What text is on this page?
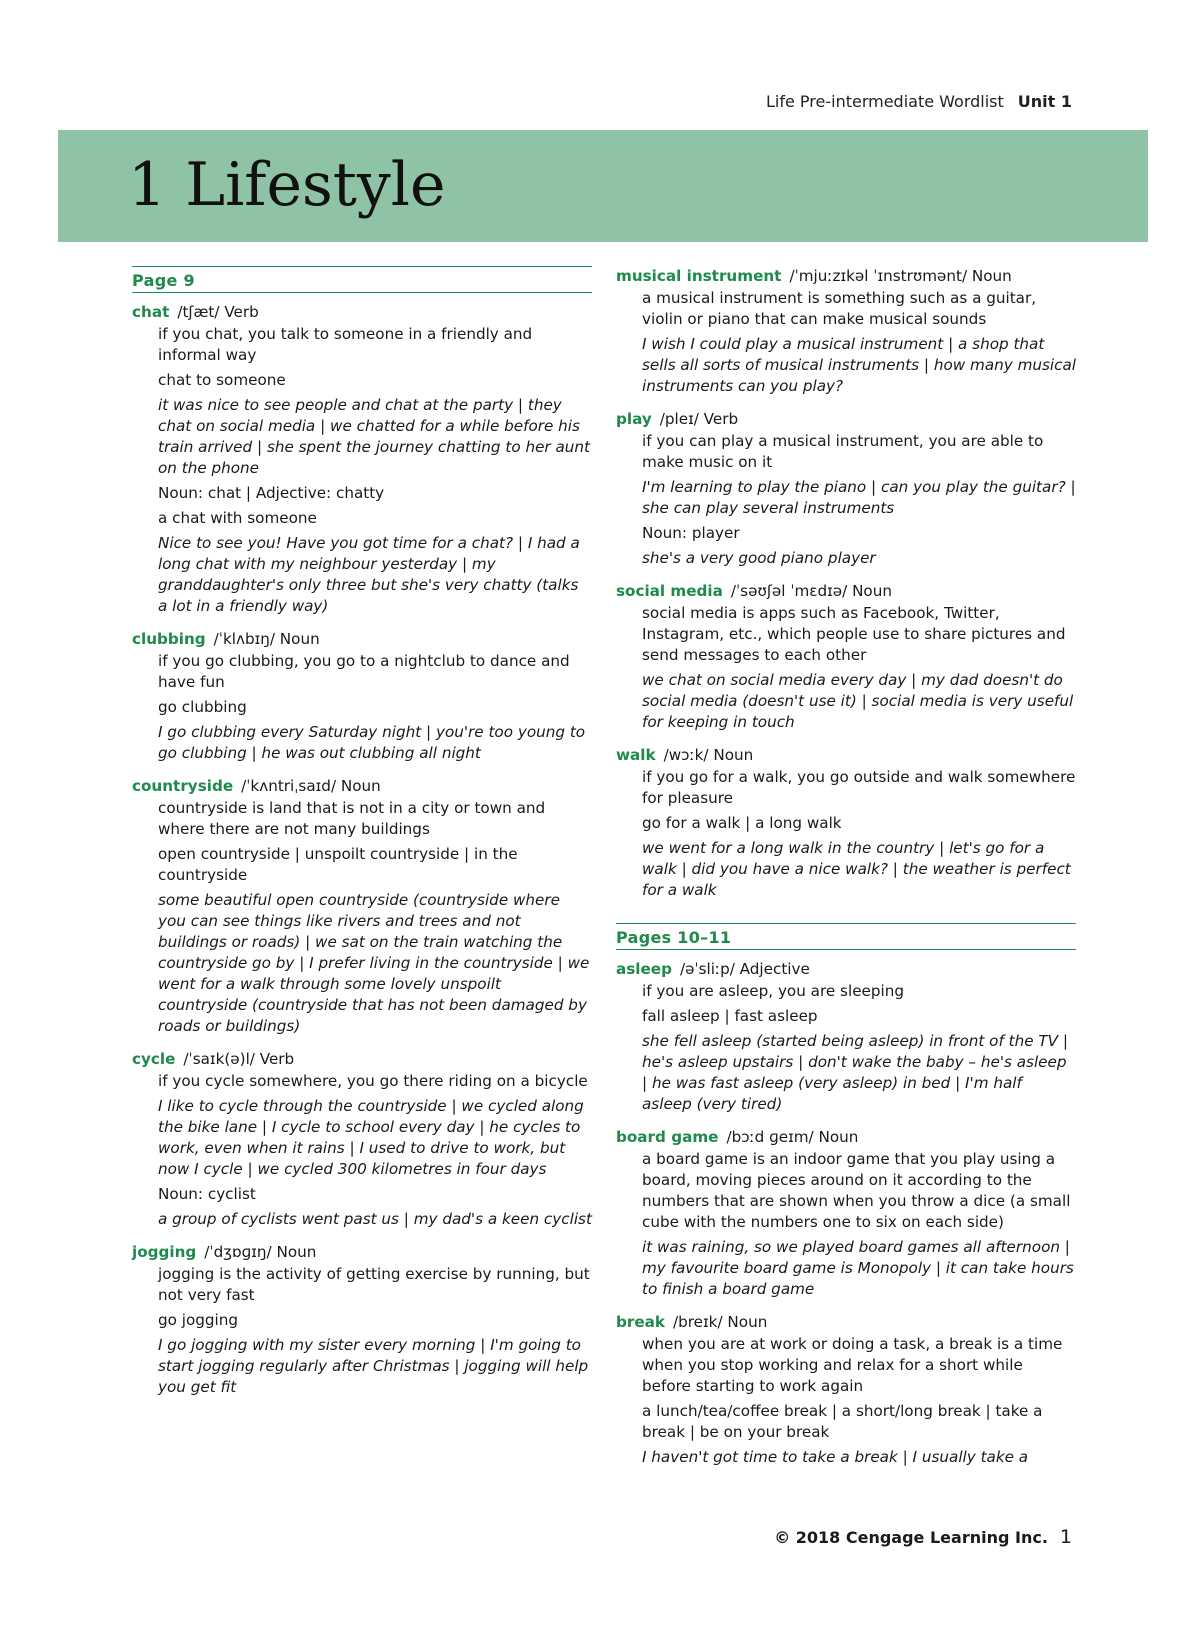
Life Pre-intermediate Wordlist Unit 1
1 Lifestyle
Page 9
chat /tʃæt/ Verb
if you chat, you talk to someone in a friendly and informal way
chat to someone
it was nice to see people and chat at the party | they chat on social media | we chatted for a while before his train arrived | she spent the journey chatting to her aunt on the phone
Noun: chat | Adjective: chatty
a chat with someone
Nice to see you! Have you got time for a chat? | I had a long chat with my neighbour yesterday | my granddaughter's only three but she's very chatty (talks a lot in a friendly way)
clubbing /ˈklʌbɪŋ/ Noun
if you go clubbing, you go to a nightclub to dance and have fun
go clubbing
I go clubbing every Saturday night | you're too young to go clubbing | he was out clubbing all night
countryside /ˈkʌntriˌsaɪd/ Noun
countryside is land that is not in a city or town and where there are not many buildings
open countryside | unspoilt countryside | in the countryside
some beautiful open countryside (countryside where you can see things like rivers and trees and not buildings or roads) | we sat on the train watching the countryside go by | I prefer living in the countryside | we went for a walk through some lovely unspoilt countryside (countryside that has not been damaged by roads or buildings)
cycle /ˈsaɪk(ə)l/ Verb
if you cycle somewhere, you go there riding on a bicycle
I like to cycle through the countryside | we cycled along the bike lane | I cycle to school every day | he cycles to work, even when it rains | I used to drive to work, but now I cycle | we cycled 300 kilometres in four days
Noun: cyclist
a group of cyclists went past us | my dad's a keen cyclist
jogging /ˈdʒɒɡɪŋ/ Noun
jogging is the activity of getting exercise by running, but not very fast
go jogging
I go jogging with my sister every morning | I'm going to start jogging regularly after Christmas | jogging will help you get fit
musical instrument /ˈmjuːzɪkəl ˈɪnstrʊmənt/ Noun
a musical instrument is something such as a guitar, violin or piano that can make musical sounds
I wish I could play a musical instrument | a shop that sells all sorts of musical instruments | how many musical instruments can you play?
play /pleɪ/ Verb
if you can play a musical instrument, you are able to make music on it
I'm learning to play the piano | can you play the guitar? | she can play several instruments
Noun: player
she's a very good piano player
social media /ˈsəʊʃəl ˈmɛdɪə/ Noun
social media is apps such as Facebook, Twitter, Instagram, etc., which people use to share pictures and send messages to each other
we chat on social media every day | my dad doesn't do social media (doesn't use it) | social media is very useful for keeping in touch
walk /wɔːk/ Noun
if you go for a walk, you go outside and walk somewhere for pleasure
go for a walk | a long walk
we went for a long walk in the country | let's go for a walk | did you have a nice walk? | the weather is perfect for a walk
Pages 10–11
asleep /əˈsliːp/ Adjective
if you are asleep, you are sleeping
fall asleep | fast asleep
she fell asleep (started being asleep) in front of the TV | he's asleep upstairs | don't wake the baby – he's asleep | he was fast asleep (very asleep) in bed | I'm half asleep (very tired)
board game /bɔːd ɡeɪm/ Noun
a board game is an indoor game that you play using a board, moving pieces around on it according to the numbers that are shown when you throw a dice (a small cube with the numbers one to six on each side)
it was raining, so we played board games all afternoon | my favourite board game is Monopoly | it can take hours to finish a board game
break /breɪk/ Noun
when you are at work or doing a task, a break is a time when you stop working and relax for a short while before starting to work again
a lunch/tea/coffee break | a short/long break | take a break | be on your break
I haven't got time to take a break | I usually take a
© 2018 Cengage Learning Inc. 1
